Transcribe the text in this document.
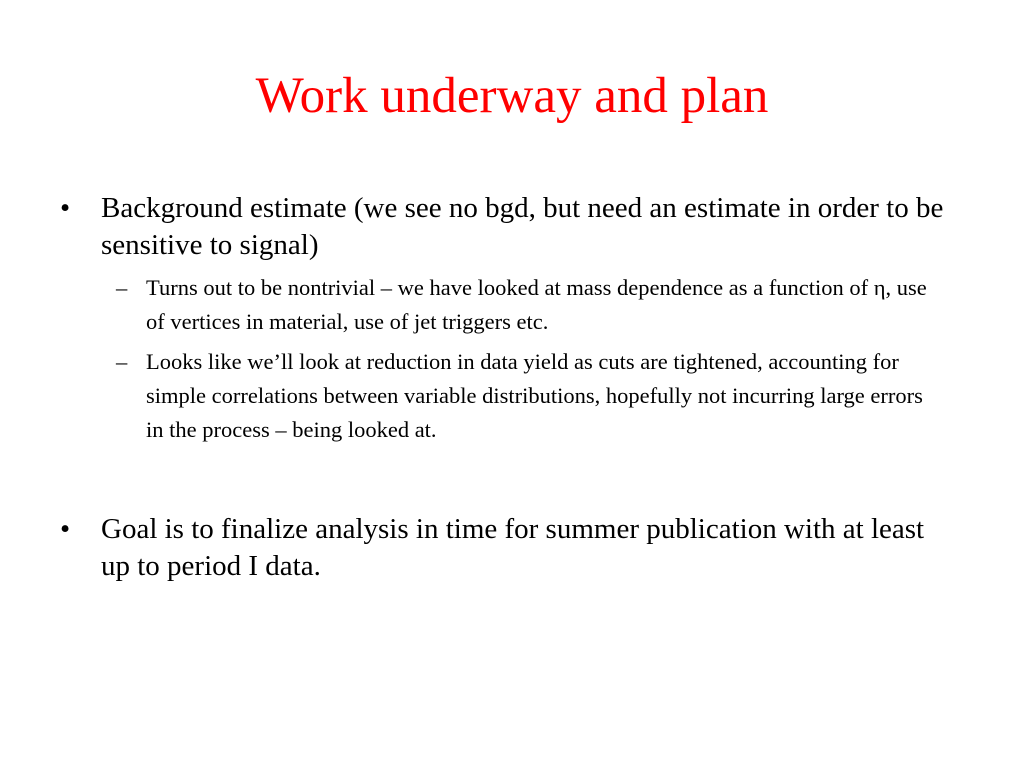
Work underway and plan
• Background estimate (we see no bgd, but need an estimate in order to be sensitive to signal)
– Turns out to be nontrivial – we have looked at mass dependence as a function of η, use of vertices in material, use of jet triggers etc.
– Looks like we’ll look at reduction in data yield as cuts are tightened, accounting for simple correlations between variable distributions, hopefully not incurring large errors in the process – being looked at.
• Goal is to finalize analysis in time for summer publication with at least up to period I data.
